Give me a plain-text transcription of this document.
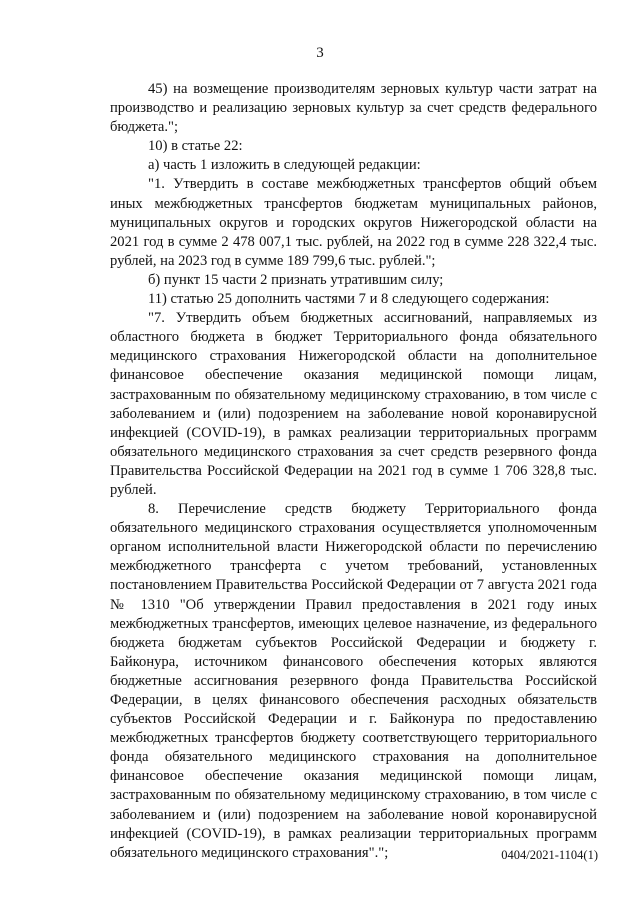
3

45) на возмещение производителям зерновых культур части затрат на производство и реализацию зерновых культур за счет средств федерального бюджета.";

10) в статье 22:

а) часть 1 изложить в следующей редакции:

"1. Утвердить в составе межбюджетных трансфертов общий объем иных межбюджетных трансфертов бюджетам муниципальных районов, муниципальных округов и городских округов Нижегородской области на 2021 год в сумме 2 478 007,1 тыс. рублей, на 2022 год в сумме 228 322,4 тыс. рублей, на 2023 год в сумме 189 799,6 тыс. рублей.";

б) пункт 15 части 2 признать утратившим силу;

11) статью 25 дополнить частями 7 и 8 следующего содержания:

"7. Утвердить объем бюджетных ассигнований, направляемых из областного бюджета в бюджет Территориального фонда обязательного медицинского страхования Нижегородской области на дополнительное финансовое обеспечение оказания медицинской помощи лицам, застрахованным по обязательному медицинскому страхованию, в том числе с заболеванием и (или) подозрением на заболевание новой коронавирусной инфекцией (COVID-19), в рамках реализации территориальных программ обязательного медицинского страхования за счет средств резервного фонда Правительства Российской Федерации на 2021 год в сумме 1 706 328,8 тыс. рублей.

8. Перечисление средств бюджету Территориального фонда обязательного медицинского страхования осуществляется уполномоченным органом исполнительной власти Нижегородской области по перечислению межбюджетного трансферта с учетом требований, установленных постановлением Правительства Российской Федерации от 7 августа 2021 года № 1310 "Об утверждении Правил предоставления в 2021 году иных межбюджетных трансфертов, имеющих целевое назначение, из федерального бюджета бюджетам субъектов Российской Федерации и бюджету г. Байконура, источником финансового обеспечения которых являются бюджетные ассигнования резервного фонда Правительства Российской Федерации, в целях финансового обеспечения расходных обязательств субъектов Российской Федерации и г. Байконура по предоставлению межбюджетных трансфертов бюджету соответствующего территориального фонда обязательного медицинского страхования на дополнительное финансовое обеспечение оказания медицинской помощи лицам, застрахованным по обязательному медицинскому страхованию, в том числе с заболеванием и (или) подозрением на заболевание новой коронавирусной инфекцией (COVID-19), в рамках реализации территориальных программ обязательного медицинского страхования".";	0404/2021-1104(1)
